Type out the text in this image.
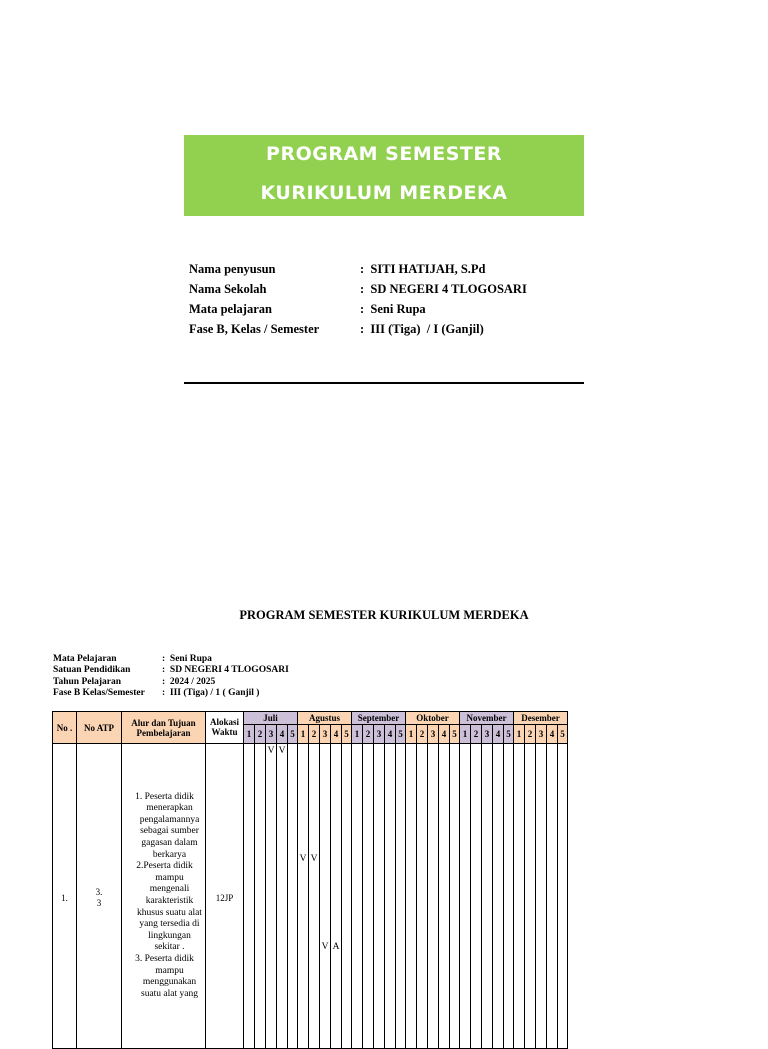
PROGRAM SEMESTER
KURIKULUM MERDEKA
Nama penyusun	:  SITI HATIJAH, S.Pd
Nama Sekolah	:  SD NEGERI 4 TLOGOSARI
Mata pelajaran	:  Seni Rupa
Fase B, Kelas / Semester	:  III (Tiga)  / I (Ganjil)
PROGRAM SEMESTER KURIKULUM MERDEKA
Mata Pelajaran	:  Seni Rupa
Satuan Pendidikan	:  SD NEGERI 4 TLOGOSARI
Tahun Pelajaran	:  2024 / 2025
Fase B Kelas/Semester :  III (Tiga) / 1 ( Ganjil )
No .	No ATP	Alur dan Tujuan Pembelajaran	Alokasi Waktu	Juli					Agustus					September					Oktober					November					Desember				
				1	2	3	4	5	1	2	3	4	5	1	2	3	4	5	1	2	3	4	5	1	2	3	4	5	1	2	3	4	5
1.	3. 3	1. Peserta didik menerapkan pengalamannya sebagai sumber gagasan dalam berkarya
2.Peserta didik mampu mengenali karakteristik khusus suatu alat yang tersedia di lingkungan sekitar .
3. Peserta didik mampu menggunakan suatu alat yang	12JP			V	V		V	V	V	A																					
